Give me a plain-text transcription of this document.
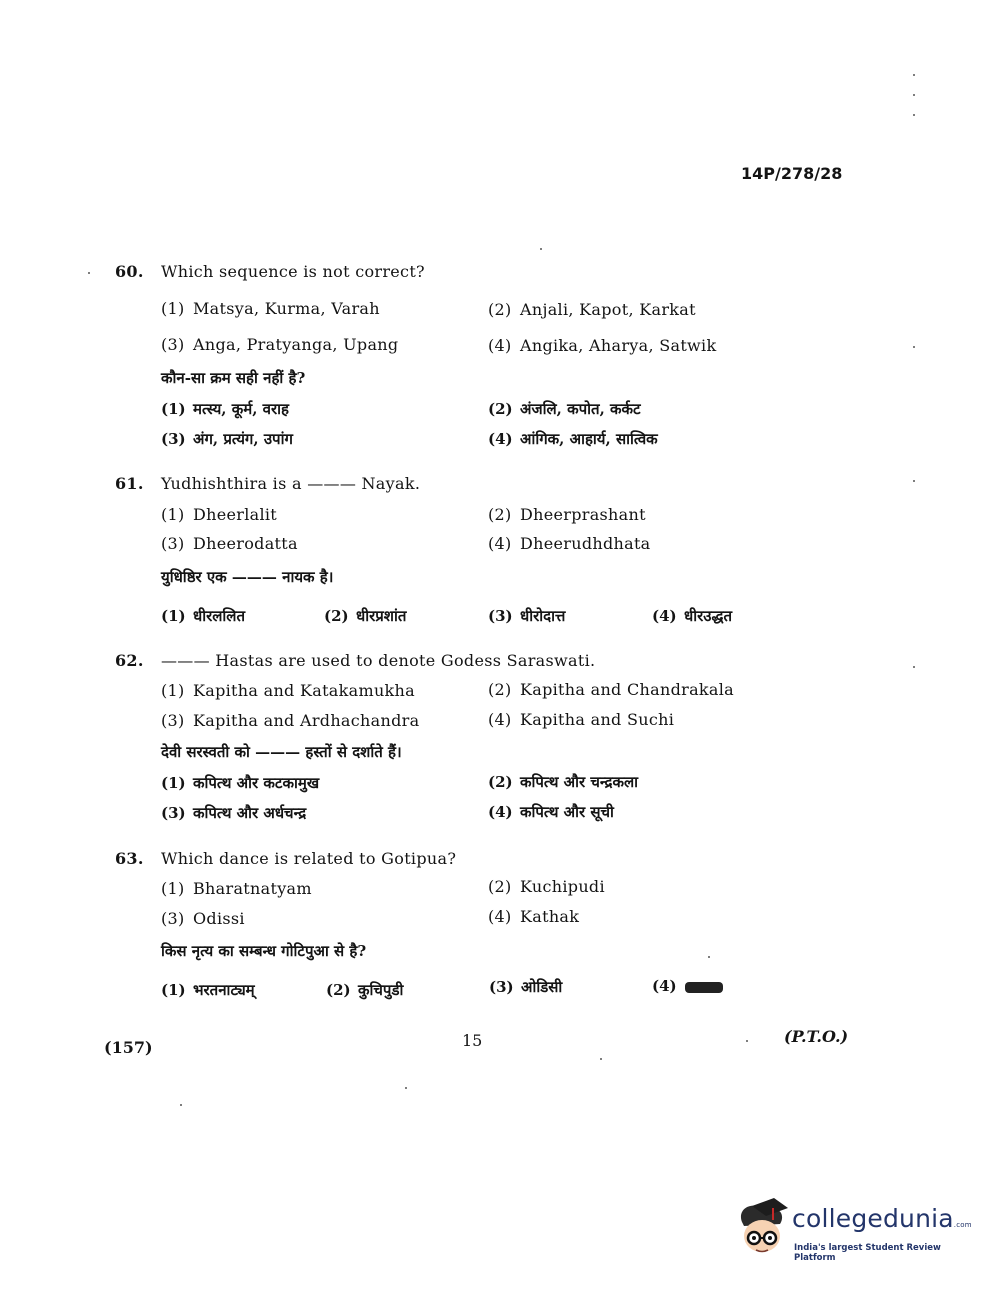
14P/278/28
60. Which sequence is not correct?
(1) Matsya, Kurma, Varah	(2) Anjali, Kapot, Karkat
(3) Anga, Pratyanga, Upang	(4) Angika, Aharya, Satwik
कौन-सा क्रम सही नहीं है?
(1) मत्स्य, कूर्म, वराह	(2) अंजलि, कपोत, कर्कट
(3) अंग, प्रत्यंग, उपांग	(4) आंगिक, आहार्य, सात्विक
61. Yudhishthira is a ——— Nayak.
(1) Dheerlalit	(2) Dheerprashant
(3) Dheerodatta	(4) Dheerudhdhata
युधिष्ठिर एक ——— नायक है।
(1) धीरललित	(2) धीरप्रशांत	(3) धीरोदात्त	(4) धीरउद्धत
62. ——— Hastas are used to denote Godess Saraswati.
(1) Kapitha and Katakamukha	(2) Kapitha and Chandrakala
(3) Kapitha and Ardhachandra	(4) Kapitha and Suchi
देवी सरस्वती को ——— हस्तों से दर्शाते हैं।
(1) कपित्थ और कटकामुख	(2) कपित्थ और चन्द्रकला
(3) कपित्थ और अर्धचन्द्र	(4) कपित्थ और सूची
63. Which dance is related to Gotipua?
(1) Bharatnatyam	(2) Kuchipudi
(3) Odissi	(4) Kathak
किस नृत्य का सम्बन्ध गोटिपुआ से है?
(1) भरतनाट्यम्	(2) कुचिपुडी	(3) ओडिसी	(4)
(157)	15	(P.T.O.)
collegedunia.com
India's largest Student Review Platform
